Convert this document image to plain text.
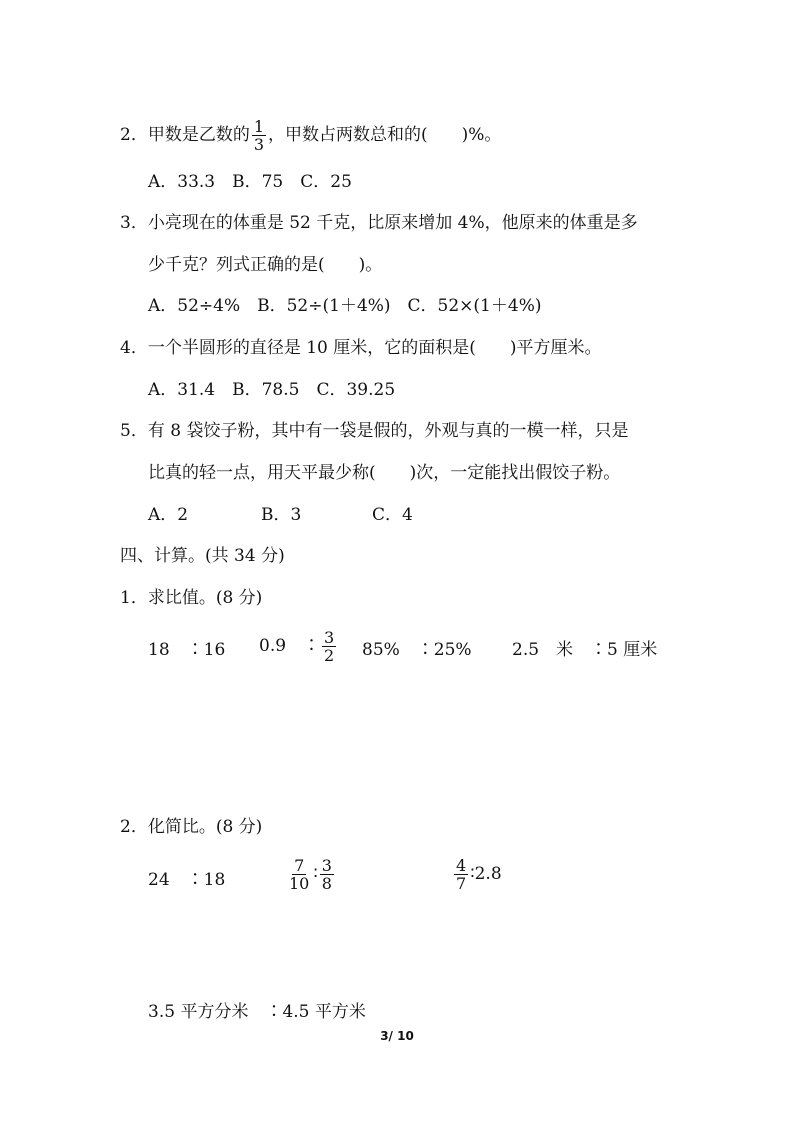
2．甲数是乙数的 $\frac{1}{3}$ ，甲数占两数总和的(　　)%。
A．33.3　B．75　C．25
3．小亮现在的体重是 52 千克，比原来增加 4%，他原来的体重是多
少千克？列式正确的是(　　)。
A．52÷4%　B．52÷(1＋4%)　C．52×(1＋4%)
4．一个半圆形的直径是 10 厘米，它的面积是(　　)平方厘米。
A．31.4　B．78.5　C．39.25
5．有 8 袋饺子粉，其中有一袋是假的，外观与真的一模一样，只是
比真的轻一点，用天平最少称(　　)次，一定能找出假饺子粉。
A．2	B．3	C．4
四、计算。(共 34 分)
1．求比值。(8 分)
18　∶16 0.9　∶ $\frac{3}{2} 85\%$　∶25% 2.5　米　∶5 厘米
2．化简比。(8 分)
24　∶18	$\frac{7}{10}$ ∶ $\frac{3}{8}$	$\frac{4}{7}$ ∶2.8
3.5 平方分米　∶4.5 平方米
3/ 10
